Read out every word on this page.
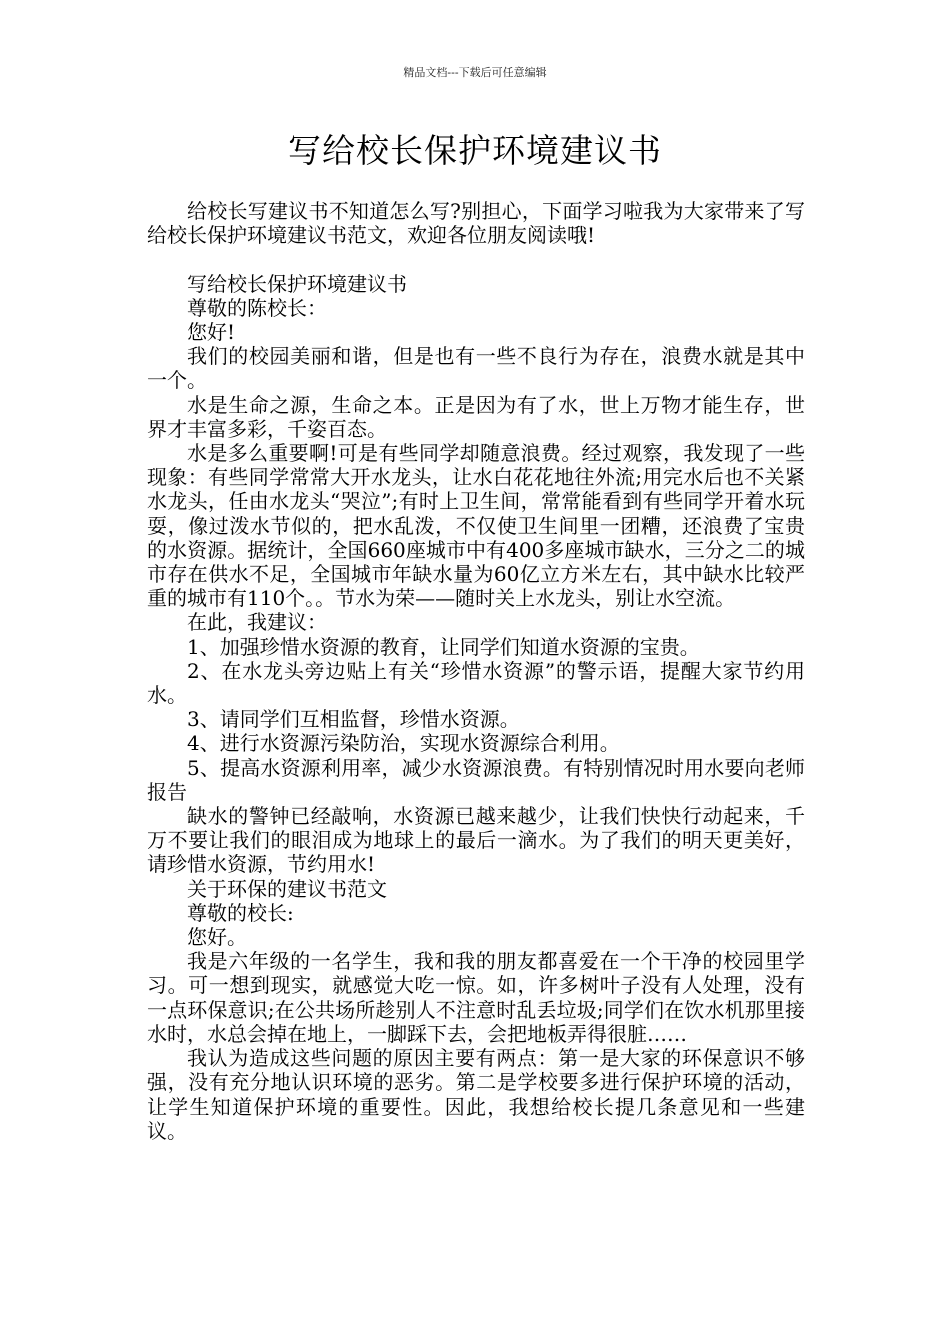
精品文档---下载后可任意编辑
写给校长保护环境建议书

给校长写建议书不知道怎么写?别担心，下面学习啦我为大家带来了写给校长保护环境建议书范文，欢迎各位朋友阅读哦!

写给校长保护环境建议书

尊敬的陈校长：

您好!

我们的校园美丽和谐，但是也有一些不良行为存在，浪费水就是其中一个。

水是生命之源，生命之本。正是因为有了水，世上万物才能生存，世界才丰富多彩，千姿百态。

水是多么重要啊!可是有些同学却随意浪费。经过观察，我发现了一些现象：有些同学常常大开水龙头，让水白花花地往外流;用完水后也不关紧水龙头，任由水龙头“哭泣”;有时上卫生间，常常能看到有些同学开着水玩耍，像过泼水节似的，把水乱泼，不仅使卫生间里一团糟，还浪费了宝贵的水资源。据统计，全国660座城市中有400多座城市缺水，三分之二的城市存在供水不足，全国城市年缺水量为60亿立方米左右，其中缺水比较严重的城市有110个。。节水为荣——随时关上水龙头，别让水空流。

在此，我建议：

1、加强珍惜水资源的教育，让同学们知道水资源的宝贵。

2、在水龙头旁边贴上有关“珍惜水资源”的警示语，提醒大家节约用水。

3、请同学们互相监督，珍惜水资源。

4、进行水资源污染防治，实现水资源综合利用。

5、提高水资源利用率，减少水资源浪费。有特别情况时用水要向老师报告

缺水的警钟已经敲响，水资源已越来越少，让我们快快行动起来，千万不要让我们的眼泪成为地球上的最后一滴水。为了我们的明天更美好，请珍惜水资源，节约用水!

关于环保的建议书范文

尊敬的校长:

您好。

我是六年级的一名学生，我和我的朋友都喜爱在一个干净的校园里学习。可一想到现实，就感觉大吃一惊。如，许多树叶子没有人处理，没有一点环保意识;在公共场所趁别人不注意时乱丢垃圾;同学们在饮水机那里接水时，水总会掉在地上，一脚踩下去，会把地板弄得很脏……

我认为造成这些问题的原因主要有两点：第一是大家的环保意识不够强，没有充分地认识环境的恶劣。第二是学校要多进行保护环境的活动，让学生知道保护环境的重要性。因此，我想给校长提几条意见和一些建议。
